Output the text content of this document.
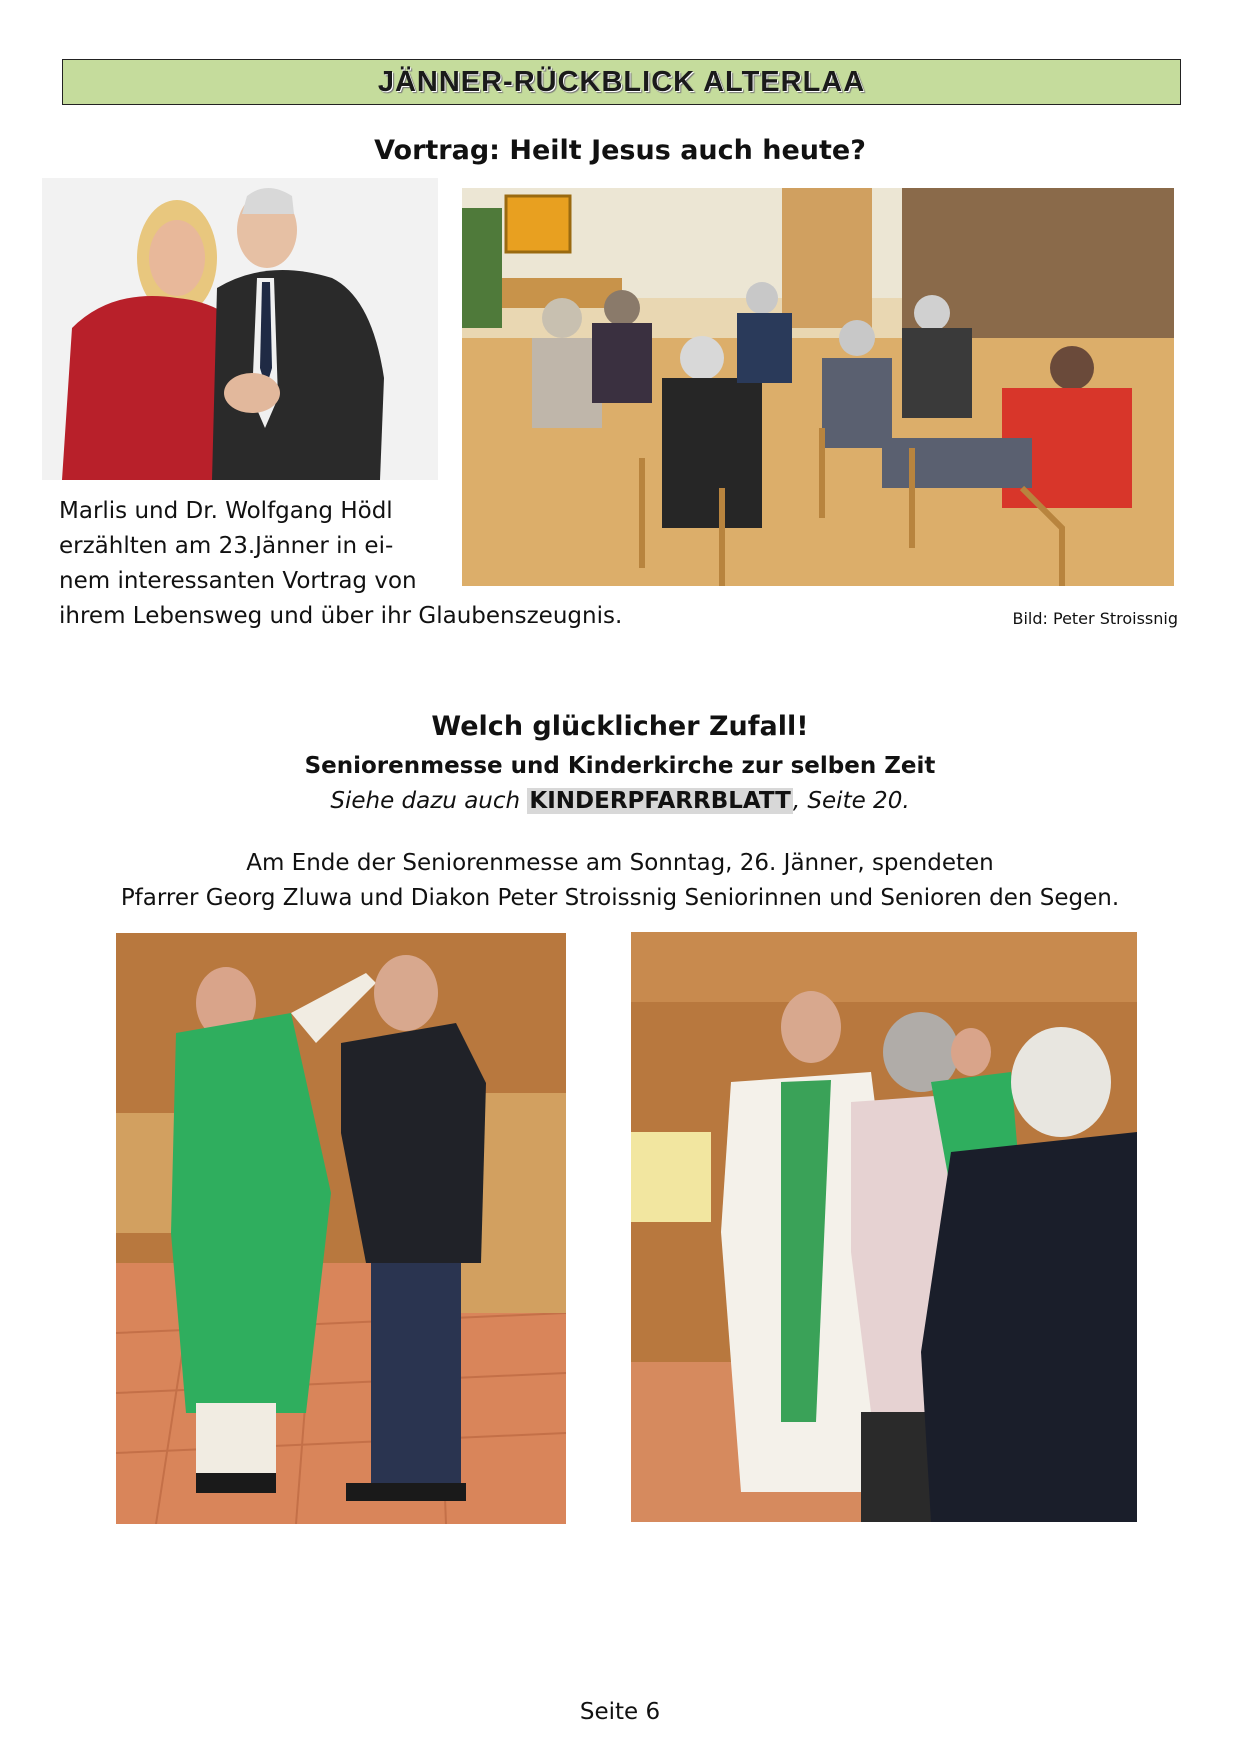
JÄNNER-RÜCKBLICK ALTERLAA
Vortrag: Heilt Jesus auch heute?
Marlis und Dr. Wolfgang Hödl
erzählten am 23.Jänner in ei-
nem interessanten Vortrag von
ihrem Lebensweg und über ihr Glaubenszeugnis.	Bild: Peter Stroissnig
Welch glücklicher Zufall!
Seniorenmesse und Kinderkirche zur selben Zeit
Siehe dazu auch KINDERPFARRBLATT, Seite 20.
Am Ende der Seniorenmesse am Sonntag, 26. Jänner, spendeten
Pfarrer Georg Zluwa und Diakon Peter Stroissnig Seniorinnen und Senioren den Segen.
Seite 6
